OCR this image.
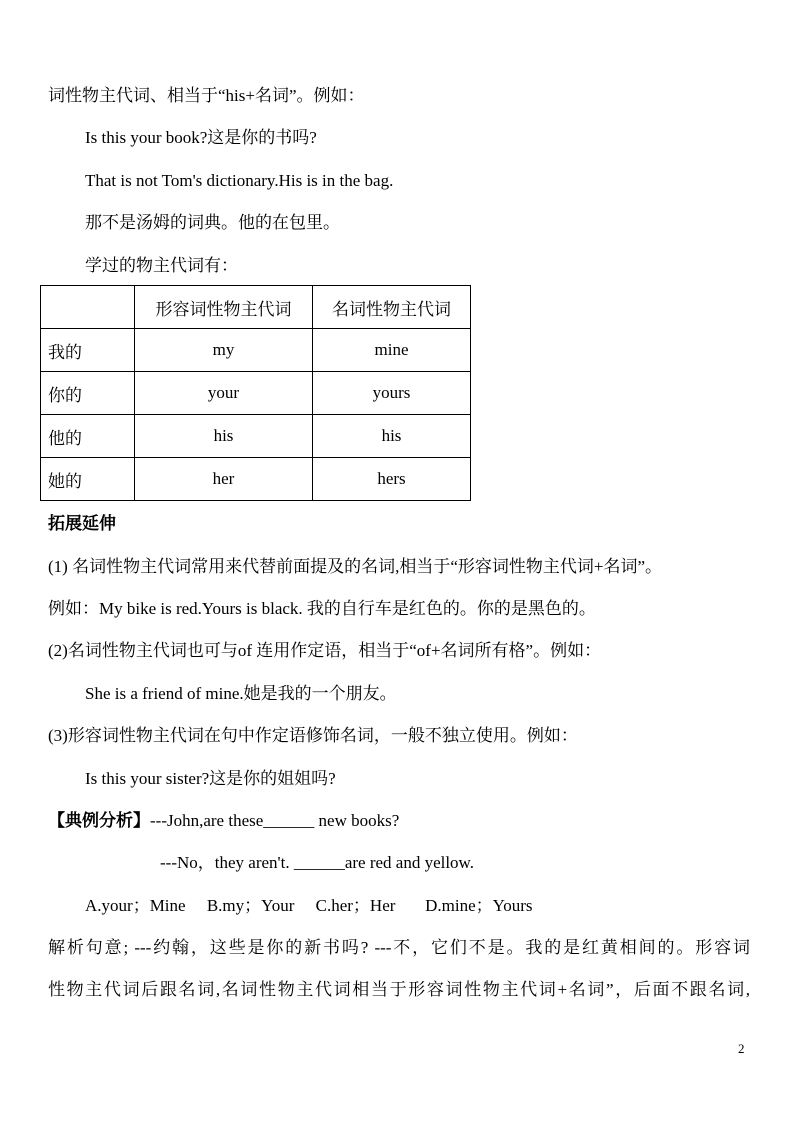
词性物主代词、相当于“his+名词”。例如：
Is this your book?这是你的书吗?
That is not Tom's dictionary.His is in the bag.
那不是汤姆的词典。他的在包里。
学过的物主代词有：
	形容词性物主代词	名词性物主代词
我的	my	mine
你的	your	yours
他的	his	his
她的	her	hers
拓展延伸
(1) 名词性物主代词常用来代替前面提及的名词,相当于“形容词性物主代词+名词”。
例如：My bike is red.Yours is black. 我的自行车是红色的。你的是黑色的。
(2)名词性物主代词也可与of 连用作定语，相当于“of+名词所有格”。例如：
She is a friend of mine.她是我的一个朋友。
(3)形容词性物主代词在句中作定语修饰名词，一般不独立使用。例如：
Is this your sister?这是你的姐姐吗?
【典例分析】---John,are these______ new books?
---No，they aren't. ______are red and yellow.
A.your；Mine     B.my；Your     C.her；Her       D.mine；Yours
解析句意; ---约翰，这些是你的新书吗? ---不，它们不是。我的是红黄相间的。形容词
性物主代词后跟名词,名词性物主代词相当于形容词性物主代词+名词”，后面不跟名词,
2
